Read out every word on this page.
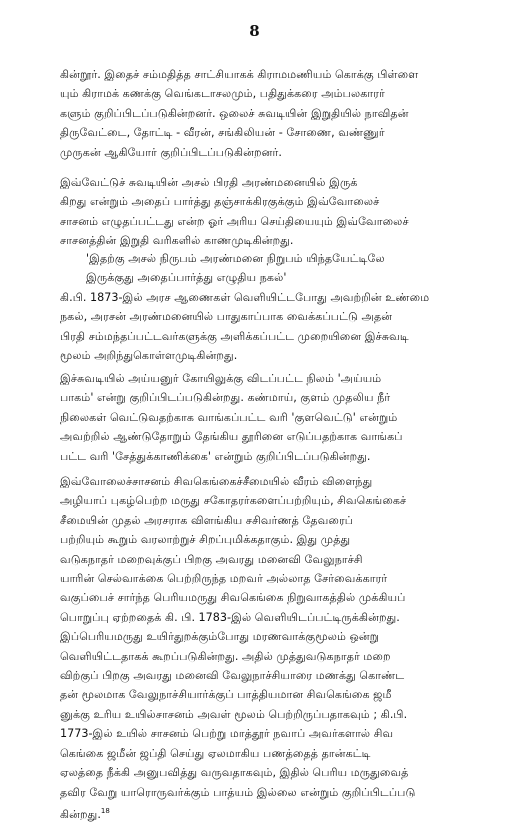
8
கின்றூர். இதைச் சம்மதித்த சாட்சியாகக் கிராமமணியம் கொக்கு பிள்ளை
யும் கிராமக் கணக்கு வெங்கடாசலமும், பதிதுக்கரை அம்பலகாரர்
களும் குறிப்பிடப்படுகின்றனர். ஒலைச் சுவடியின் இறுதியில் நாவிதன்
திருவேட்டை, தோட்டி - வீரன், சங்கிலியன் - சோணை, வண்ணுர்
முருகன் ஆகியோர் குறிப்பிடப்படுகின்றனர்.
இவ்வேட்டுச் சுவடியின் அசல் பிரதி அரண்மனையில் இருக்
கிறது என்றும் அதைப் பார்த்து தஞ்சாக்கிரகுக்கும் இவ்வோலைச்
சாசனம் எழுதப்பட்டது என்ற ஓர் அரிய செய்தியையும் இவ்வோலைச்
சாசனத்தின் இறுதி வரிகளில் காணமுடிகின்றது.
'இதற்கு அசல் நிருபம் அரண்மனை நிறுபம் யிந்தயேட்டிலே
இருக்குது அதைப்பார்த்து எழுதிய நகல்'
கி.பி. 1873-இல் அரச ஆணைகள் வெளியிட்டபோது அவற்றின் உண்மை
நகல், அரசன் அரண்மனையில் பாதுகாப்பாக வைக்கப்பட்டு அதன்
பிரதி சம்மந்தப்பட்டவர்களுக்கு அளிக்கப்பட்ட முறையினை இச்சுவடி
மூலம் அறிந்துகொள்ளமுடிகின்றது.
இச்சுவடியில் அய்யனுர் கோயிலுக்கு விடப்பட்ட நிலம் 'அய்யம்
பாகம்' என்று குறிப்பிடப்படுகின்றது. கண்மாய், குளம் முதலிய நீர்
நிலைகள் வெட்டுவதற்காக வாங்கப்பட்ட வரி 'குளவெட்டு' என்றும்
அவற்றில் ஆண்டுதோறும் தேங்கிய தூரினை எடுப்பதற்காக வாங்கப்
பட்ட வரி 'சேத்துக்காணிக்கை' என்றும் குறிப்பிடப்படுகின்றது.
இவ்வோலைச்சாசனம் சிவகெங்கைச்சீமையில் வீரம் விளைந்து
அழியாப் புகழ்பெற்ற மருது சகோதரர்களைப்பற்றியும், சிவகெங்கைச்
சீமையின் முதல் அரசராக விளங்கிய சசிவர்ணத் தேவரைப்
பற்றியும் கூறும் வரலாற்றுச் சிறப்புமிக்கதாகும். இது முத்து
வடுகநாதர் மறைவுக்குப் பிறகு அவரது மனைவி வேலுநாச்சி
யாரின் செல்வாக்கை பெற்றிருந்த மறவர் அல்லாத சேர்வைக்காரர்
வகுப்பைச் சார்ந்த பெரியமருது சிவகெங்கை நிறுவாகத்தில் முக்கியப்
பொறுப்பு ஏற்றதைக் கி. பி. 1783-இல் வெளியிடப்பட்டிருக்கின்றது.
இப்பெரியமருது உயிர்துறக்கும்போது மரணவாக்குமூலம் ஒன்று
வெளியிட்டதாகக் கூறப்படுகின்றது. அதில் முத்துவடுகநாதர் மறை
விற்குப் பிறகு அவரது மனைவி வேலுநாச்சியாரை மணக்து கொண்ட
தன் மூலமாக வேலுநாச்சியார்க்குப் பாத்தியமான சிவகெங்கை ஜமீ
னுக்கு உரிய உயில்சாசனம் அவள் மூலம் பெற்றிருப்பதாகவும் ; கி.பி.
1773-இல் உயில் சாசனம் பெற்று மாத்தூர் நவாப் அவர்களால் சிவ
கெங்கை ஜமீன் ஜப்தி செய்து ஏலமாகிய பணத்தைத் தான்கட்டி
ஏலத்தை நீக்கி அனுபவித்து வருவதாகவும், இதில் பெரிய மருதுவைத்
தவிர வேறு யாரொருவர்க்கும் பாத்யம் இல்லை என்றும் குறிப்பிடப்படு
கின்றது.$^{18}$
